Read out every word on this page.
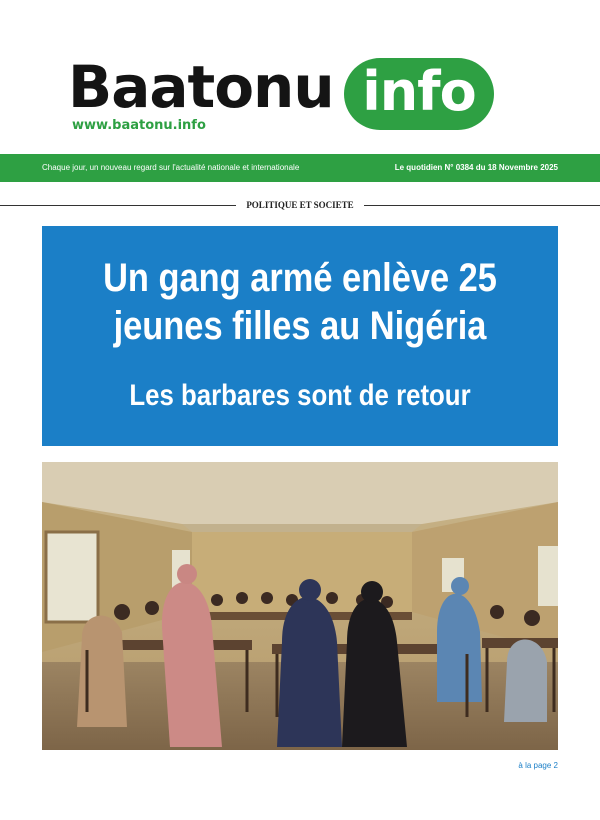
Baatonu info
www.baatonu.info
Chaque jour, un nouveau regard sur l'actualité nationale et internationale	Le quotidien N° 0384 du 18 Novembre 2025
POLITIQUE ET SOCIETE
Un gang armé enlève 25
jeunes filles au Nigéria
Les barbares sont de retour
à la page 2
